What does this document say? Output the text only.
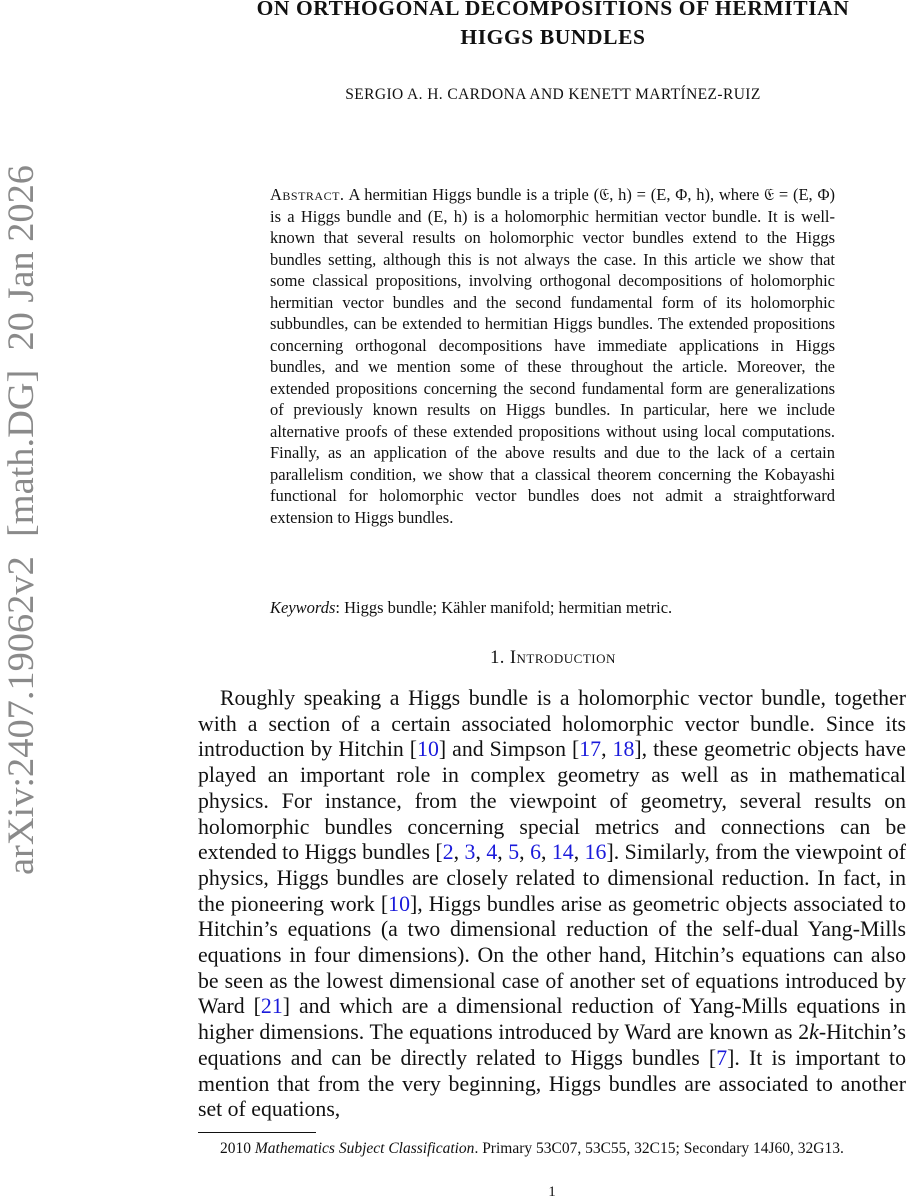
arXiv:2407.19062v2  [math.DG]  20 Jan 2026
ON ORTHOGONAL DECOMPOSITIONS OF HERMITIAN
HIGGS BUNDLES
SERGIO A. H. CARDONA AND KENETT MARTÍNEZ-RUIZ
Abstract. A hermitian Higgs bundle is a triple (𝔈, h) = (E, Φ, h), where 𝔈 = (E, Φ) is a Higgs bundle and (E, h) is a holomorphic hermitian vector bundle. It is well-known that several results on holomorphic vector bundles extend to the Higgs bundles setting, although this is not always the case. In this article we show that some classical propositions, involving orthogonal decompositions of holomorphic hermitian vector bundles and the second fundamental form of its holomorphic subbundles, can be extended to hermitian Higgs bundles. The extended propositions concerning orthogonal decompositions have immediate applications in Higgs bundles, and we mention some of these throughout the article. Moreover, the extended propositions concerning the second fundamental form are generalizations of previously known results on Higgs bundles. In particular, here we include alternative proofs of these extended propositions without using local computations. Finally, as an application of the above results and due to the lack of a certain parallelism condition, we show that a classical theorem concerning the Kobayashi functional for holomorphic vector bundles does not admit a straightforward extension to Higgs bundles.
Keywords: Higgs bundle; Kähler manifold; hermitian metric.
1. Introduction

Roughly speaking a Higgs bundle is a holomorphic vector bundle, together with a section of a certain associated holomorphic vector bundle. Since its introduction by Hitchin [10] and Simpson [17, 18], these geometric objects have played an important role in complex geometry as well as in mathematical physics. For instance, from the viewpoint of geometry, several results on holomorphic bundles concerning special metrics and connections can be extended to Higgs bundles [2, 3, 4, 5, 6, 14, 16]. Similarly, from the viewpoint of physics, Higgs bundles are closely related to dimensional reduction. In fact, in the pioneering work [10], Higgs bundles arise as geometric objects associated to Hitchin’s equations (a two dimensional reduction of the self-dual Yang-Mills equations in four dimensions). On the other hand, Hitchin’s equations can also be seen as the lowest dimensional case of another set of equations introduced by Ward [21] and which are a dimensional reduction of Yang-Mills equations in higher dimensions. The equations introduced by Ward are known as 2k-Hitchin’s equations and can be directly related to Higgs bundles [7]. It is important to mention that from the very beginning, Higgs bundles are associated to another set of equations,

2010 Mathematics Subject Classification. Primary 53C07, 53C55, 32C15; Secondary 14J60, 32G13.
1
